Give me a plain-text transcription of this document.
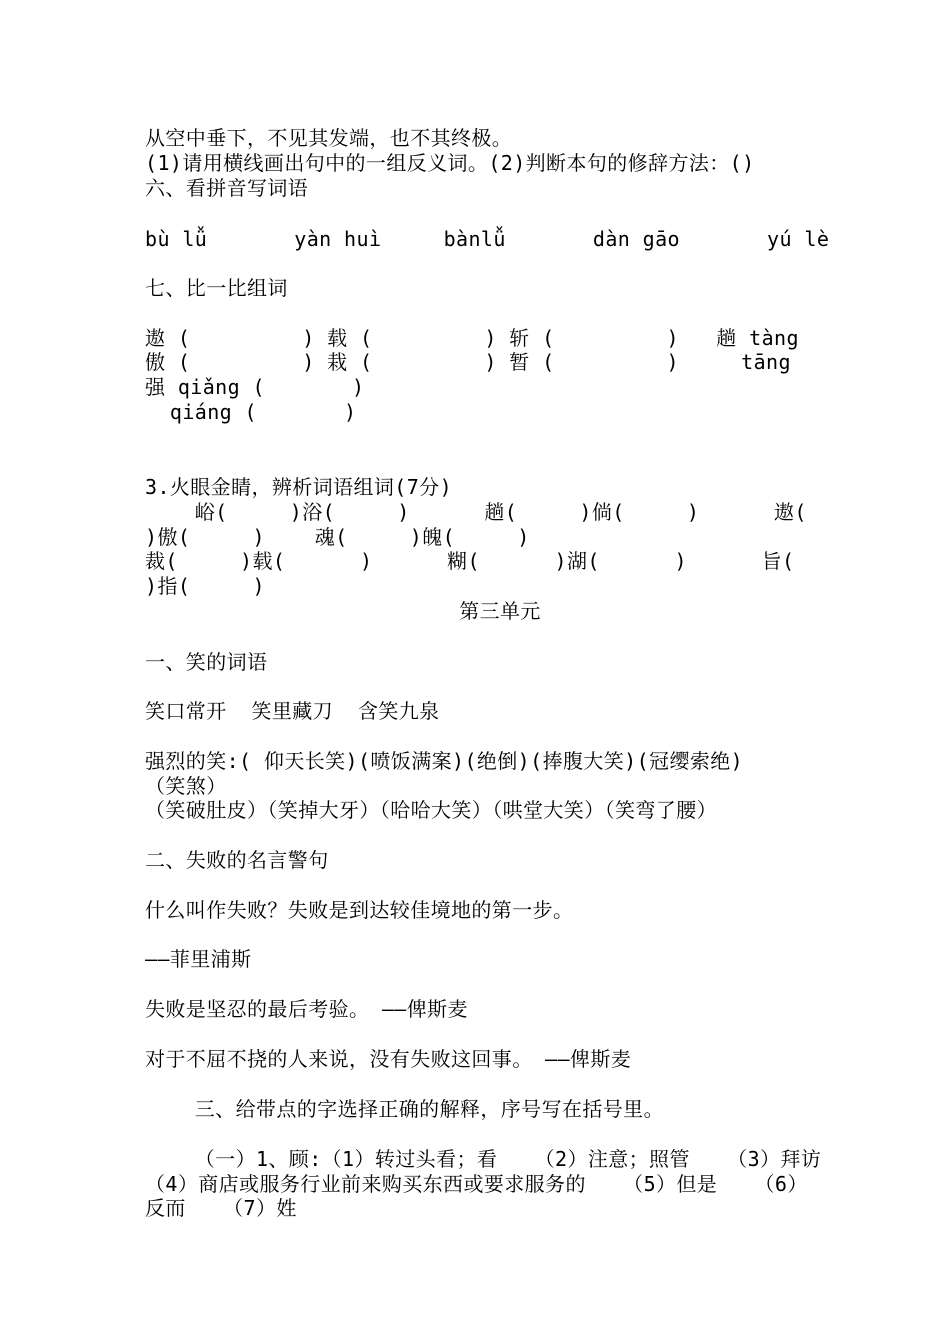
从空中垂下，不见其发端，也不其终极。
(1)请用横线画出句中的一组反义词。(2)判断本句的修辞方法：()
六、看拼音写词语
bù lǚ       yàn huì     bànlǚ       dàn gāo       yú lè
七、比一比组词
遨 (         ) 载 (         ) 斩 (         )   趟 tàng
傲 (         ) 栽 (         ) 暂 (         )     tāng
强 qiǎng (       )
qiáng (       )
3.火眼金睛，辨析词语组词(7分)
峪(     )浴(     )      趟(     )倘(     )      遨(
)傲(     )    魂(     )魄(     )
裁(     )载(      )      糊(      )湖(      )      旨(
)指(     )
第三单元
一、笑的词语
笑口常开  笑里藏刀  含笑九泉
强烈的笑:( 仰天长笑)(喷饭满案)(绝倒)(捧腹大笑)(冠缨索绝)
（笑煞）
（笑破肚皮）（笑掉大牙）（哈哈大笑）（哄堂大笑）（笑弯了腰）
二、失败的名言警句
什么叫作失败？失败是到达较佳境地的第一步。
——菲里浦斯
失败是坚忍的最后考验。 ——俾斯麦
对于不屈不挠的人来说，没有失败这回事。 ——俾斯麦
三、给带点的字选择正确的解释，序号写在括号里。
（一）1、顾:（1）转过头看；看   （2）注意；照管   （3）拜访
（4）商店或服务行业前来购买东西或要求服务的   （5）但是   （6）
反而   （7）姓
